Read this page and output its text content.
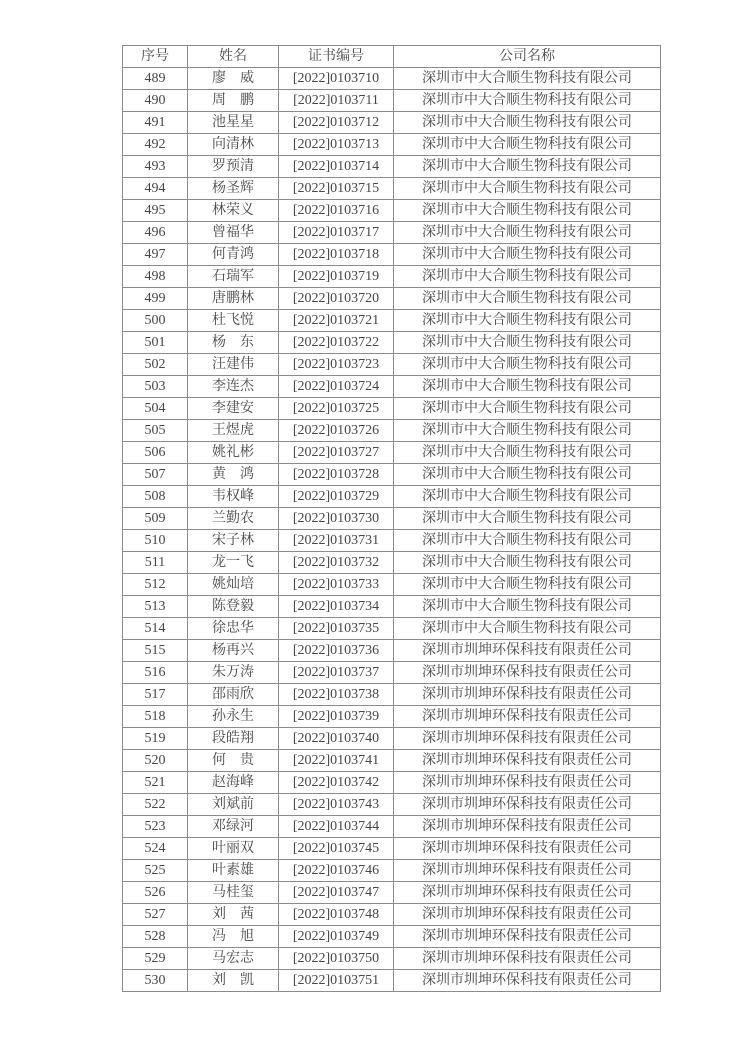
序号	姓名	证书编号	公司名称
489	廖　威	[2022]0103710	深圳市中大合顺生物科技有限公司
490	周　鹏	[2022]0103711	深圳市中大合顺生物科技有限公司
491	池星星	[2022]0103712	深圳市中大合顺生物科技有限公司
492	向清林	[2022]0103713	深圳市中大合顺生物科技有限公司
493	罗预清	[2022]0103714	深圳市中大合顺生物科技有限公司
494	杨圣辉	[2022]0103715	深圳市中大合顺生物科技有限公司
495	林荣义	[2022]0103716	深圳市中大合顺生物科技有限公司
496	曾福华	[2022]0103717	深圳市中大合顺生物科技有限公司
497	何青鸿	[2022]0103718	深圳市中大合顺生物科技有限公司
498	石瑞军	[2022]0103719	深圳市中大合顺生物科技有限公司
499	唐鹏林	[2022]0103720	深圳市中大合顺生物科技有限公司
500	杜飞悦	[2022]0103721	深圳市中大合顺生物科技有限公司
501	杨　东	[2022]0103722	深圳市中大合顺生物科技有限公司
502	汪建伟	[2022]0103723	深圳市中大合顺生物科技有限公司
503	李连杰	[2022]0103724	深圳市中大合顺生物科技有限公司
504	李建安	[2022]0103725	深圳市中大合顺生物科技有限公司
505	王煜虎	[2022]0103726	深圳市中大合顺生物科技有限公司
506	姚礼彬	[2022]0103727	深圳市中大合顺生物科技有限公司
507	黄　鸿	[2022]0103728	深圳市中大合顺生物科技有限公司
508	韦权峰	[2022]0103729	深圳市中大合顺生物科技有限公司
509	兰勤农	[2022]0103730	深圳市中大合顺生物科技有限公司
510	宋子林	[2022]0103731	深圳市中大合顺生物科技有限公司
511	龙一飞	[2022]0103732	深圳市中大合顺生物科技有限公司
512	姚灿培	[2022]0103733	深圳市中大合顺生物科技有限公司
513	陈登毅	[2022]0103734	深圳市中大合顺生物科技有限公司
514	徐忠华	[2022]0103735	深圳市中大合顺生物科技有限公司
515	杨再兴	[2022]0103736	深圳市圳坤环保科技有限责任公司
516	朱万涛	[2022]0103737	深圳市圳坤环保科技有限责任公司
517	邵雨欣	[2022]0103738	深圳市圳坤环保科技有限责任公司
518	孙永生	[2022]0103739	深圳市圳坤环保科技有限责任公司
519	段皓翔	[2022]0103740	深圳市圳坤环保科技有限责任公司
520	何　贵	[2022]0103741	深圳市圳坤环保科技有限责任公司
521	赵海峰	[2022]0103742	深圳市圳坤环保科技有限责任公司
522	刘斌前	[2022]0103743	深圳市圳坤环保科技有限责任公司
523	邓绿河	[2022]0103744	深圳市圳坤环保科技有限责任公司
524	叶丽双	[2022]0103745	深圳市圳坤环保科技有限责任公司
525	叶素雄	[2022]0103746	深圳市圳坤环保科技有限责任公司
526	马桂玺	[2022]0103747	深圳市圳坤环保科技有限责任公司
527	刘　茜	[2022]0103748	深圳市圳坤环保科技有限责任公司
528	冯　旭	[2022]0103749	深圳市圳坤环保科技有限责任公司
529	马宏志	[2022]0103750	深圳市圳坤环保科技有限责任公司
530	刘　凯	[2022]0103751	深圳市圳坤环保科技有限责任公司
